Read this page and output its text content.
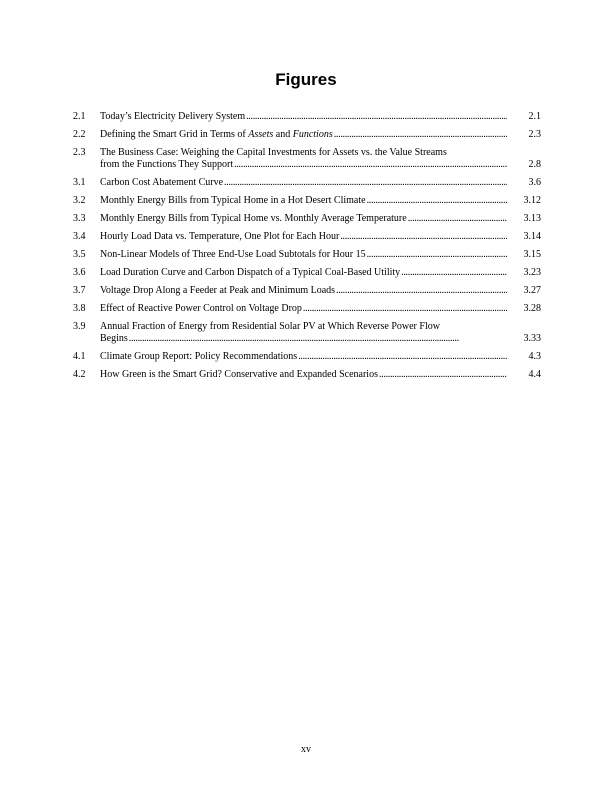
Figures
2.1	Today’s Electricity Delivery System . . .	2.1
2.2	Defining the Smart Grid in Terms of Assets and Functions . . .	2.3
2.3	The Business Case: Weighing the Capital Investments for Assets vs. the Value Streams
from the Functions They Support . . .	2.8
3.1	Carbon Cost Abatement Curve . . .	3.6
3.2	Monthly Energy Bills from Typical Home in a Hot Desert Climate . . .	3.12
3.3	Monthly Energy Bills from Typical Home vs. Monthly Average Temperature . . .	3.13
3.4	Hourly Load Data vs. Temperature, One Plot for Each Hour . . .	3.14
3.5	Non-Linear Models of Three End-Use Load Subtotals for Hour 15 . . .	3.15
3.6	Load Duration Curve and Carbon Dispatch of a Typical Coal-Based Utility . . .	3.23
3.7	Voltage Drop Along a Feeder at Peak and Minimum Loads . . .	3.27
3.8	Effect of Reactive Power Control on Voltage Drop . . .	3.28
3.9	Annual Fraction of Energy from Residential Solar PV at Which Reverse Power Flow
Begins . . .	3.33
4.1	Climate Group Report: Policy Recommendations . . .	4.3
4.2	How Green is the Smart Grid? Conservative and Expanded Scenarios . . .	4.4
xv
